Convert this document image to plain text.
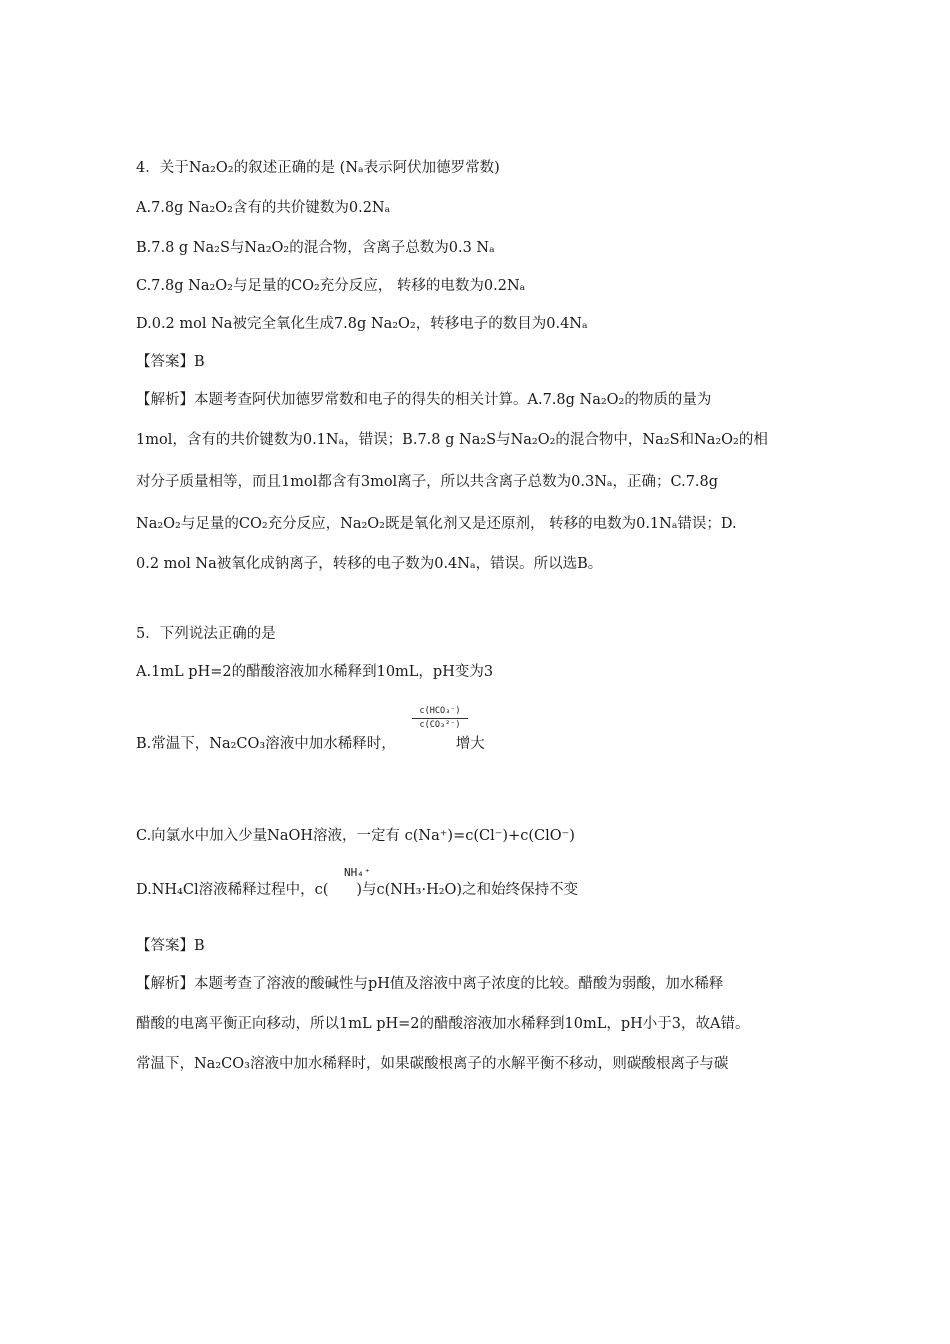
4．关于Na₂O₂的叙述正确的是 (Nₐ表示阿伏加德罗常数)
A.7.8g Na₂O₂含有的共价键数为0.2Nₐ
B.7.8 g Na₂S与Na₂O₂的混合物，含离子总数为0.3 Nₐ
C.7.8g Na₂O₂与足量的CO₂充分反应， 转移的电数为0.2Nₐ
D.0.2 mol Na被完全氧化生成7.8g Na₂O₂，转移电子的数目为0.4Nₐ
【答案】B
【解析】本题考查阿伏加德罗常数和电子的得失的相关计算。A.7.8g Na₂O₂的物质的量为
1mol，含有的共价键数为0.1Nₐ，错误；B.7.8 g Na₂S与Na₂O₂的混合物中，Na₂S和Na₂O₂的相
对分子质量相等，而且1mol都含有3mol离子，所以共含离子总数为0.3Nₐ，正确；C.7.8g
Na₂O₂与足量的CO₂充分反应，Na₂O₂既是氧化剂又是还原剂， 转移的电数为0.1Nₐ错误；D.
0.2 mol Na被氧化成钠离子，转移的电子数为0.4Nₐ，错误。所以选B。
5．下列说法正确的是
A.1mL pH=2的醋酸溶液加水稀释到10mL，pH变为3
B.常温下，Na₂CO₃溶液中加水稀释时，	增大
c(HCO₃⁻)
c(CO₃²⁻)
C.向氯水中加入少量NaOH溶液，一定有 c(Na⁺)=c(Cl⁻)+c(ClO⁻)
D.NH₄Cl溶液稀释过程中，c( )与c(NH₃·H₂O)之和始终保持不变
NH₄⁺
【答案】B
【解析】本题考查了溶液的酸碱性与pH值及溶液中离子浓度的比较。醋酸为弱酸，加水稀释
醋酸的电离平衡正向移动，所以1mL pH=2的醋酸溶液加水稀释到10mL，pH小于3，故A错。
常温下，Na₂CO₃溶液中加水稀释时，如果碳酸根离子的水解平衡不移动，则碳酸根离子与碳
